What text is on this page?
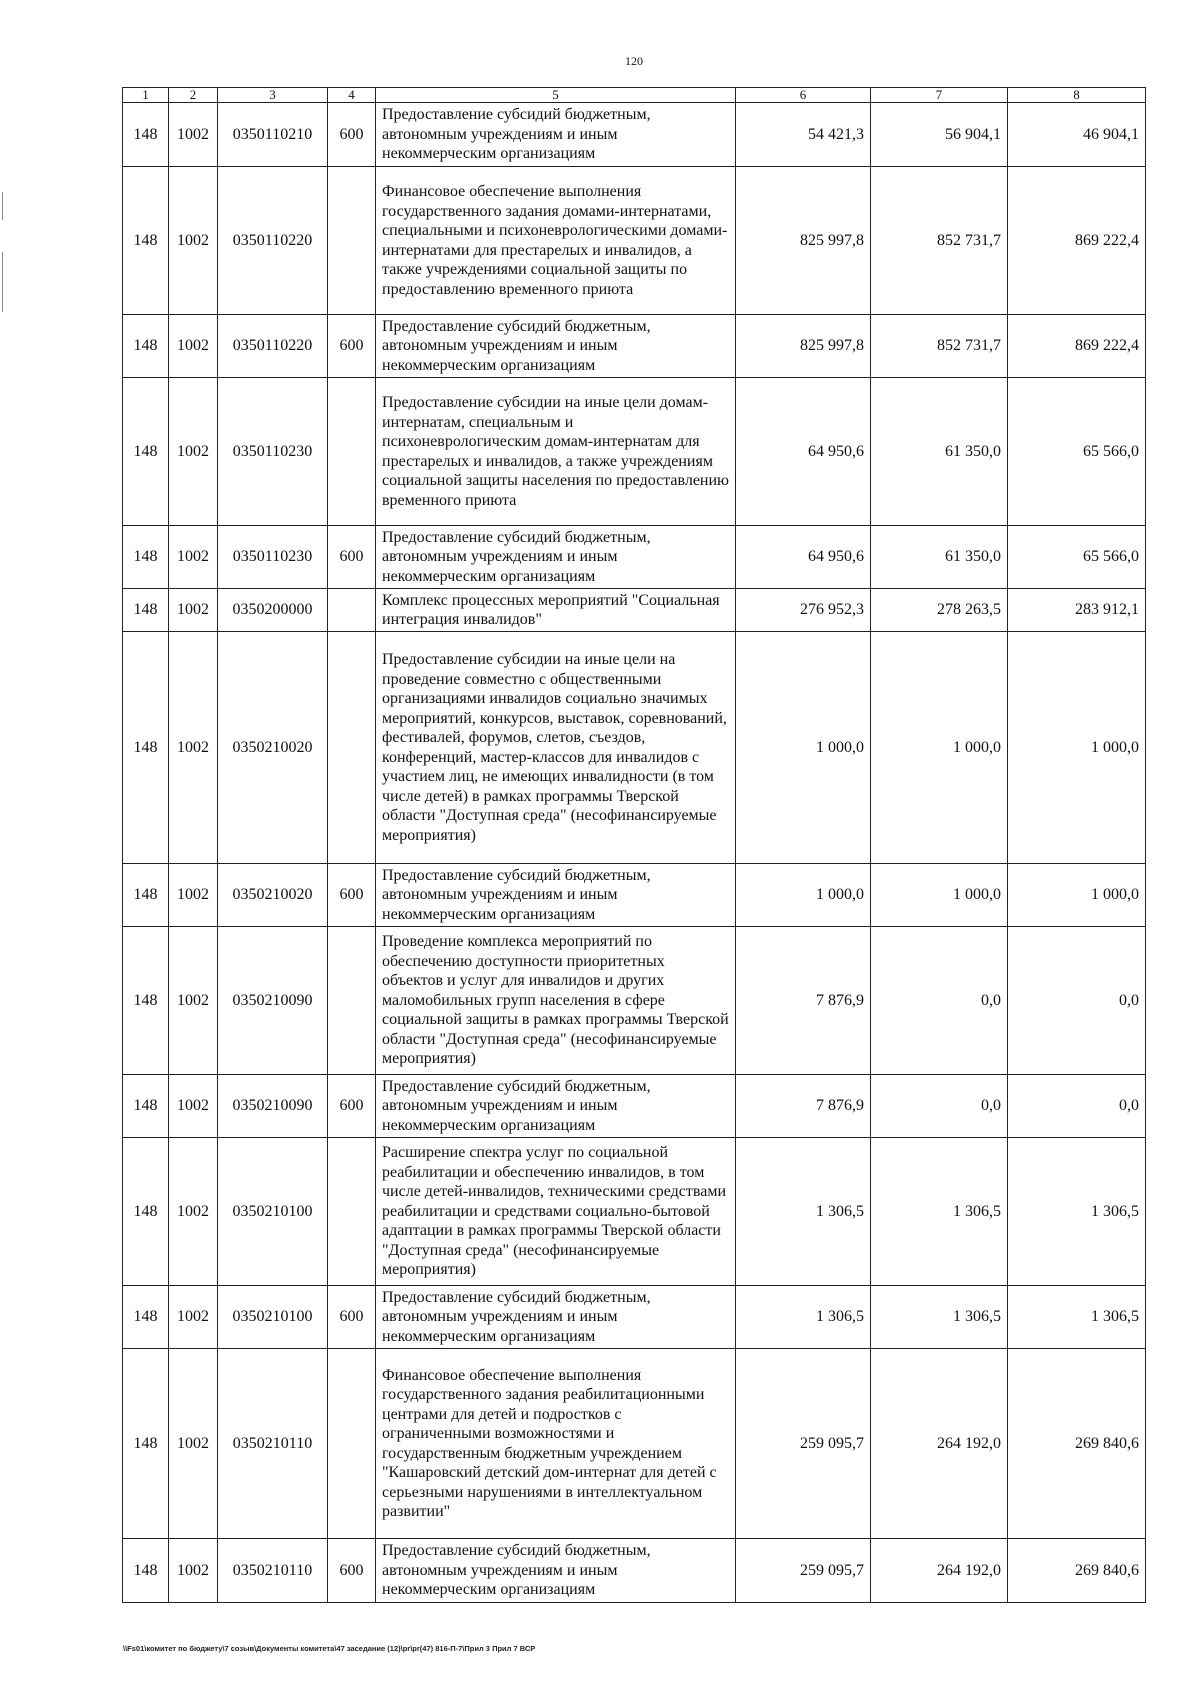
120
1	2	3	4	5	6	7	8
148	1002	0350110210	600	Предоставление субсидий бюджетным, автономным учреждениям и иным некоммерческим организациям	54 421,3	56 904,1	46 904,1
148	1002	0350110220		Финансовое обеспечение выполнения государственного задания домами-интернатами, специальными и психоневрологическими домами-интернатами для престарелых и инвалидов, а также учреждениями социальной защиты по предоставлению временного приюта	825 997,8	852 731,7	869 222,4
148	1002	0350110220	600	Предоставление субсидий бюджетным, автономным учреждениям и иным некоммерческим организациям	825 997,8	852 731,7	869 222,4
148	1002	0350110230		Предоставление субсидии на иные цели домам-интернатам, специальным и психоневрологическим домам-интернатам для престарелых и инвалидов, а также учреждениям социальной защиты населения по предоставлению временного приюта	64 950,6	61 350,0	65 566,0
148	1002	0350110230	600	Предоставление субсидий бюджетным, автономным учреждениям и иным некоммерческим организациям	64 950,6	61 350,0	65 566,0
148	1002	0350200000		Комплекс процессных мероприятий "Социальная интеграция инвалидов"	276 952,3	278 263,5	283 912,1
148	1002	0350210020		Предоставление субсидии на иные цели на проведение совместно с общественными организациями инвалидов социально значимых мероприятий, конкурсов, выставок, соревнований, фестивалей, форумов, слетов, съездов, конференций, мастер-классов для инвалидов с участием лиц, не имеющих инвалидности (в том числе детей) в рамках программы Тверской области "Доступная среда" (несофинансируемые мероприятия)	1 000,0	1 000,0	1 000,0
148	1002	0350210020	600	Предоставление субсидий бюджетным, автономным учреждениям и иным некоммерческим организациям	1 000,0	1 000,0	1 000,0
148	1002	0350210090		Проведение комплекса мероприятий по обеспечению доступности приоритетных объектов и услуг для инвалидов и других маломобильных групп населения в сфере социальной защиты в рамках программы Тверской области "Доступная среда" (несофинансируемые мероприятия)	7 876,9	0,0	0,0
148	1002	0350210090	600	Предоставление субсидий бюджетным, автономным учреждениям и иным некоммерческим организациям	7 876,9	0,0	0,0
148	1002	0350210100		Расширение спектра услуг по социальной реабилитации и обеспечению инвалидов, в том числе детей-инвалидов, техническими средствами реабилитации и средствами социально-бытовой адаптации в рамках программы Тверской области "Доступная среда" (несофинансируемые мероприятия)	1 306,5	1 306,5	1 306,5
148	1002	0350210100	600	Предоставление субсидий бюджетным, автономным учреждениям и иным некоммерческим организациям	1 306,5	1 306,5	1 306,5
148	1002	0350210110		Финансовое обеспечение выполнения государственного задания реабилитационными центрами для детей и подростков с ограниченными возможностями и государственным бюджетным учреждением "Кашаровский детский дом-интернат для детей с серьезными нарушениями в интеллектуальном развитии"	259 095,7	264 192,0	269 840,6
148	1002	0350210110	600	Предоставление субсидий бюджетным, автономным учреждениям и иным некоммерческим организациям	259 095,7	264 192,0	269 840,6
\\Fs01\комитет по бюджету\7 созыв\Документы комитета\47 заседание (12)\pr\pr(47) 816-П-7\Прил 3 Прил 7 ВСР
